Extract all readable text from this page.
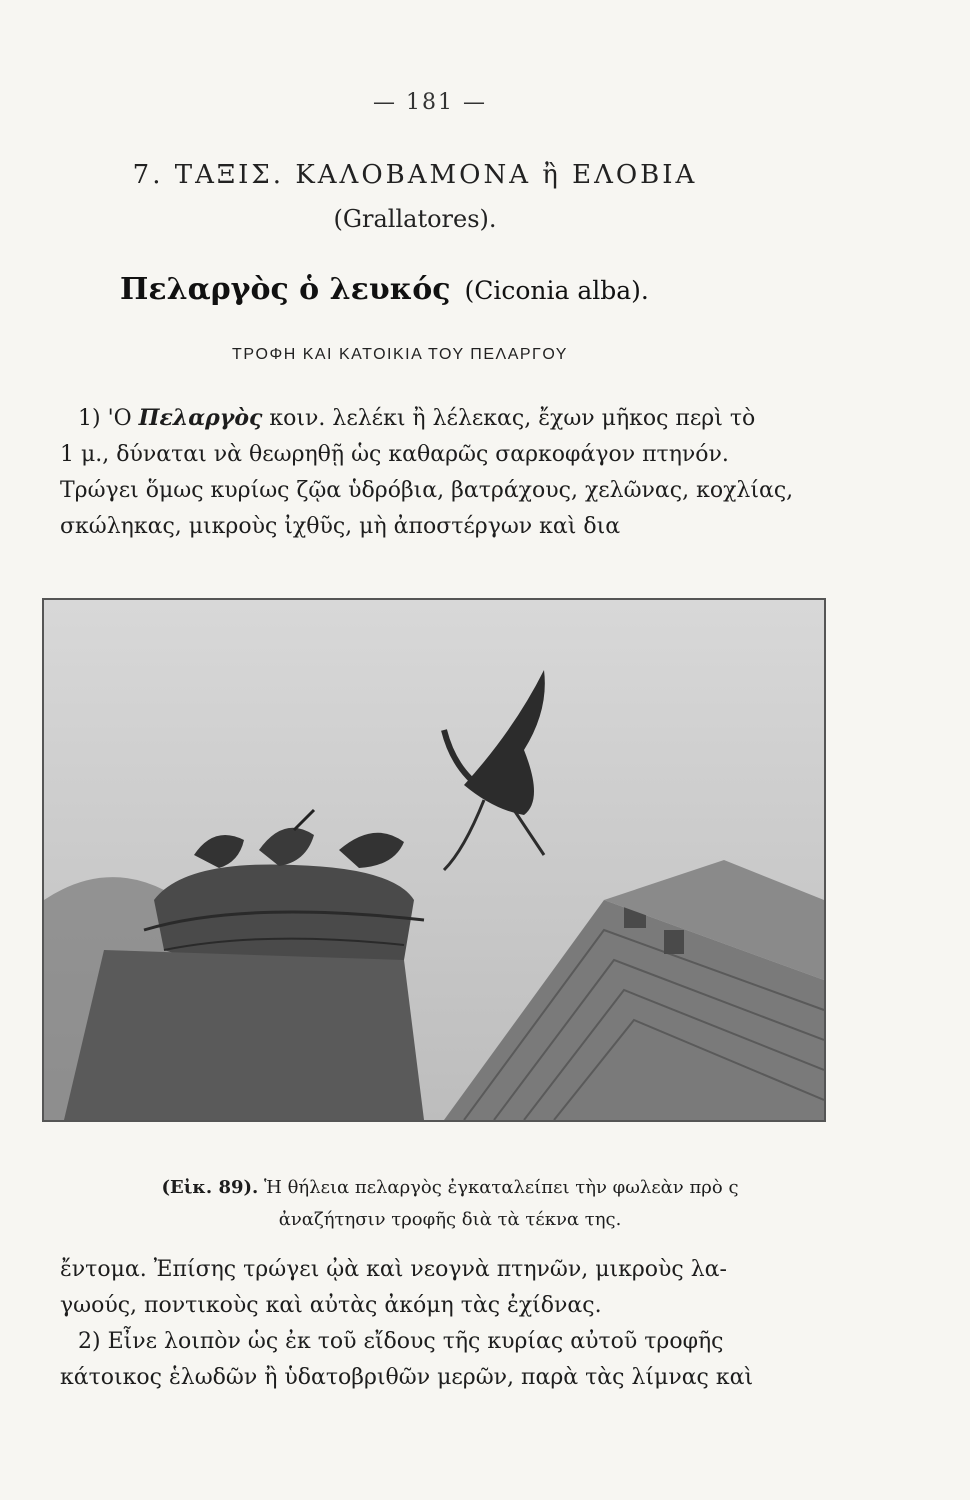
— 181 —
7. ΤΑΞΙΣ. ΚΑΛΟΒΑΜΟΝΑ ἢ ΕΛΟΒΙΑ
(Grallatores).
Πελαργὸς ὁ λευκός (Ciconia alba).
ΤΡΟΦΗ ΚΑΙ ΚΑΤΟΙΚΙΑ ΤΟΥ ΠΕΛΑΡΓΟΥ
1) 'Ο Πελαργὸς κοιν. λελέκι ἢ λέλεκας, ἔχων μῆκος περὶ τὸ
1 μ., δύναται νὰ θεωρηθῇ ὡς καθαρῶς σαρκοφάγον πτηνόν.
Τρώγει ὅμως κυρίως ζῷα ὑδρόβια, βατράχους, χελῶνας, κοχλίας,
σκώληκας, μικροὺς ἰχθῦς, μὴ ἀποστέργων καὶ δια
(Εἰκ. 89). Ἡ θήλεια πελαργὸς ἐγκαταλείπει τὴν φωλεὰν πρὸ ς
ἀναζήτησιν τροφῆς διὰ τὰ τέκνα της.
ἔντομα. Ἐπίσης τρώγει ᾠὰ καὶ νεογνὰ πτηνῶν, μικροὺς λα-
γωούς, ποντικοὺς καὶ αὐτὰς ἀκόμη τὰς ἐχίδνας.
2) Εἶνε λοιπὸν ὡς ἐκ τοῦ εἴδους τῆς κυρίας αὐτοῦ τροφῆς
κάτοικος ἑλωδῶν ἢ ὑδατοβριθῶν μερῶν, παρὰ τὰς λίμνας καὶ
